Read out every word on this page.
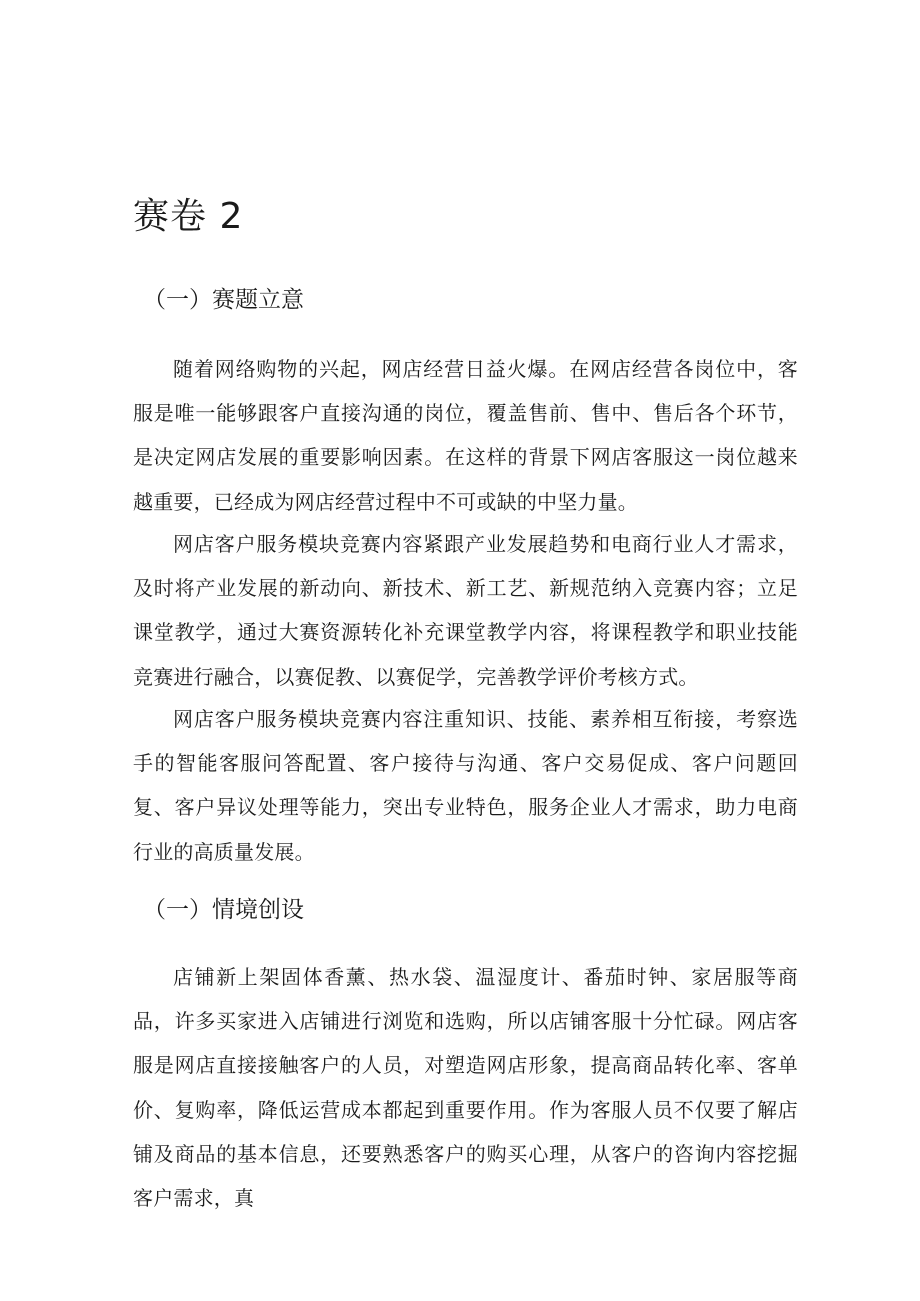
赛卷 2
（一）赛题立意

随着网络购物的兴起，网店经营日益火爆。在网店经营各岗位中，客服是唯一能够跟客户直接沟通的岗位，覆盖售前、售中、售后各个环节，是决定网店发展的重要影响因素。在这样的背景下网店客服这一岗位越来越重要，已经成为网店经营过程中不可或缺的中坚力量。

网店客户服务模块竞赛内容紧跟产业发展趋势和电商行业人才需求，及时将产业发展的新动向、新技术、新工艺、新规范纳入竞赛内容；立足课堂教学，通过大赛资源转化补充课堂教学内容，将课程教学和职业技能竞赛进行融合，以赛促教、以赛促学，完善教学评价考核方式。

网店客户服务模块竞赛内容注重知识、技能、素养相互衔接，考察选手的智能客服问答配置、客户接待与沟通、客户交易促成、客户问题回复、客户异议处理等能力，突出专业特色，服务企业人才需求，助力电商行业的高质量发展。

（一）情境创设

店铺新上架固体香薰、热水袋、温湿度计、番茄时钟、家居服等商品，许多买家进入店铺进行浏览和选购，所以店铺客服十分忙碌。网店客服是网店直接接触客户的人员，对塑造网店形象，提高商品转化率、客单价、复购率，降低运营成本都起到重要作用。作为客服人员不仅要了解店铺及商品的基本信息，还要熟悉客户的购买心理，从客户的咨询内容挖掘客户需求，真
